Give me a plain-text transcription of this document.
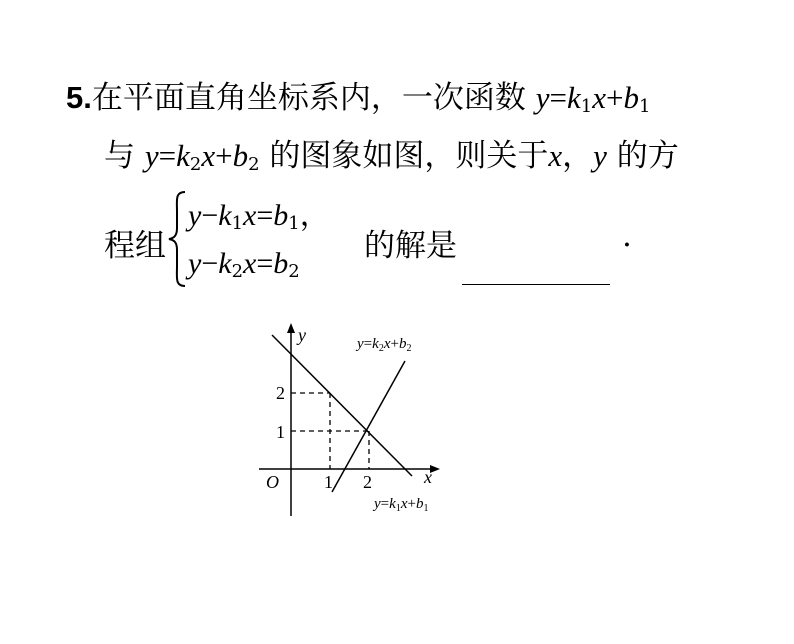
5.在平面直角坐标系内，一次函数 $y=k_1x+b_1$
与 $y=k_2x+b_2$ 的图象如图，则关于x，y 的方
程组
$y-k_1x=b_1$，
$y-k_2x=b_2$
的解是	.
y
x
O	1 2
2
1
$y=k_2x+b_2$
$y=k_1x+b_1$
